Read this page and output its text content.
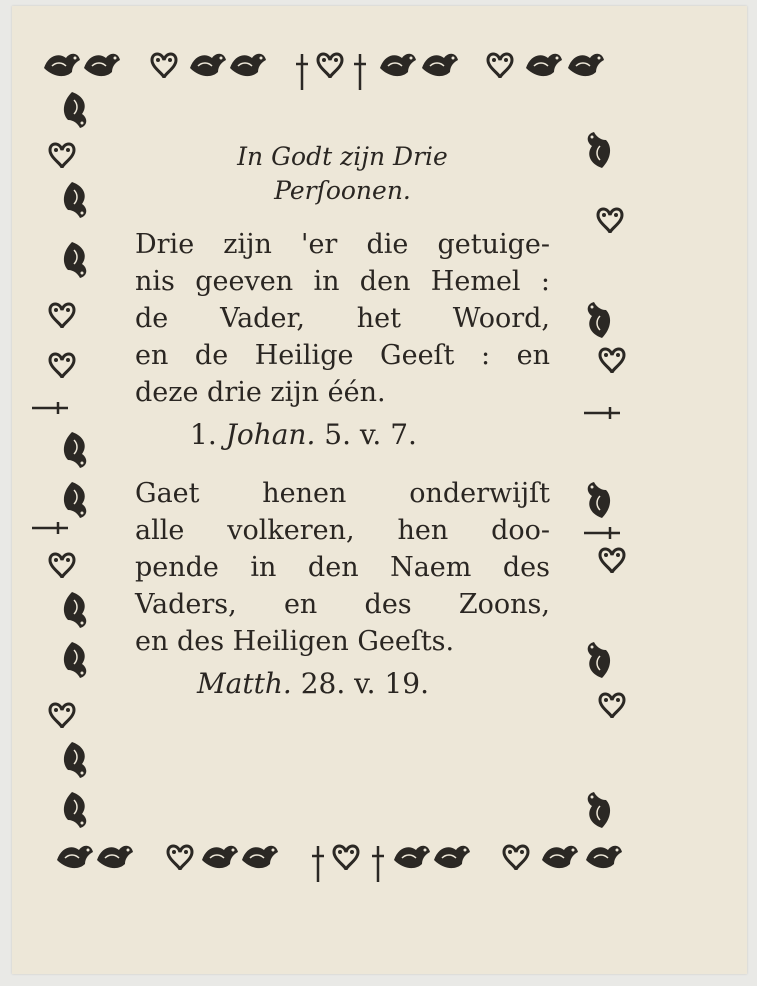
In Godt zijn Drie
Perſoonen.
Drie zijn 'er die getuige-
nis geeven in den Hemel :
de Vader, het Woord,
en de Heilige Geeſt : en
deze drie zijn één.
1. Johan. 5. v. 7.
Gaet henen onderwijſt
alle volkeren, hen doo-
pende in den Naem des
Vaders, en des Zoons,
en des Heiligen Geeſts.
Matth. 28. v. 19.
